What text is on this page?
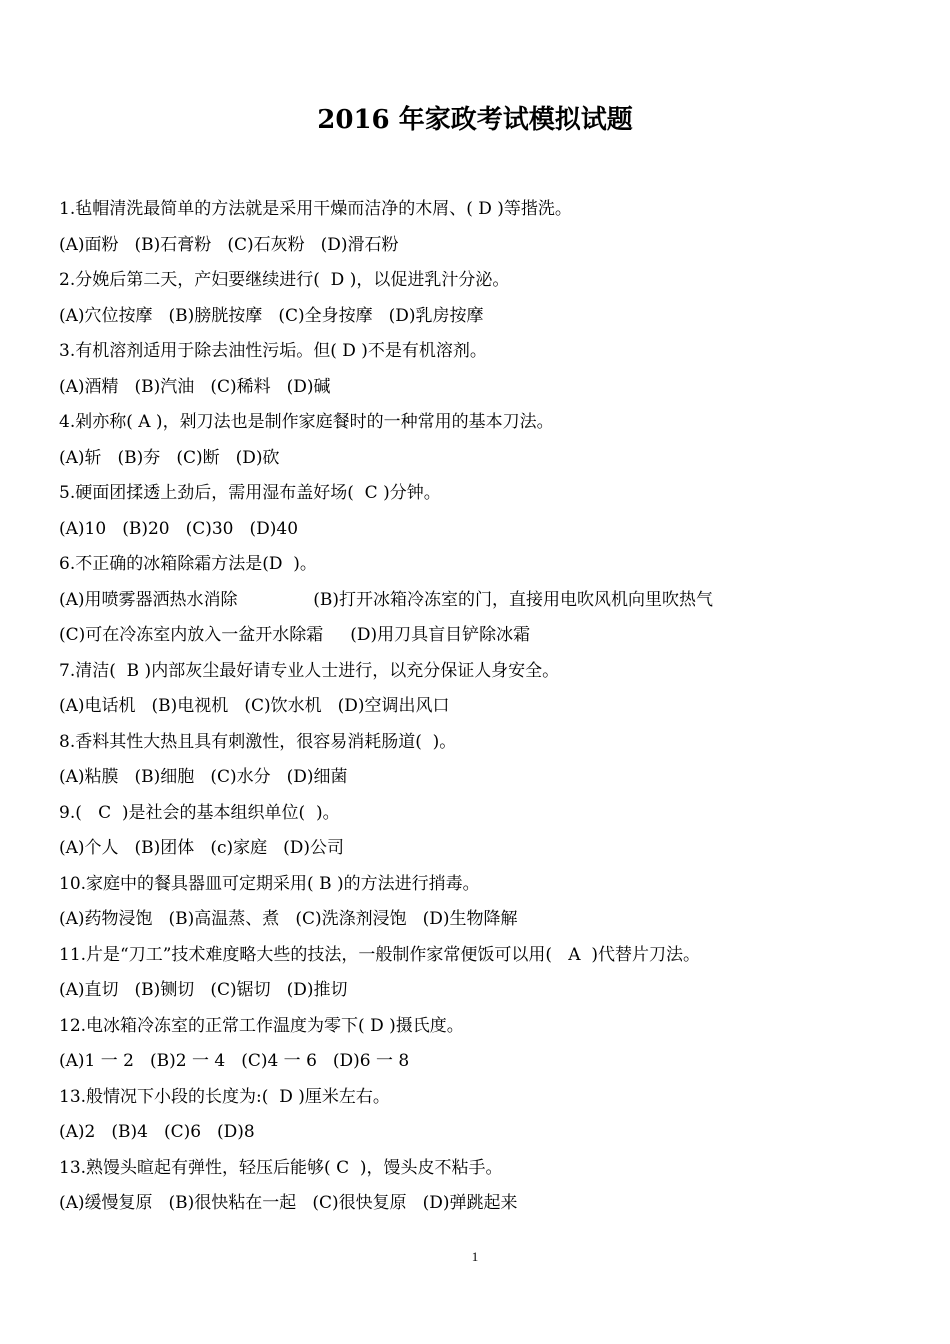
2016 年家政考试模拟试题
1.毡帽清洗最简单的方法就是采用干燥而洁净的木屑、( D )等揩洗。
(A)面粉 (B)石膏粉 (C)石灰粉 (D)滑石粉
2.分娩后第二天，产妇要继续进行(  D )，以促进乳汁分泌。
(A)穴位按摩 (B)膀胱按摩 (C)全身按摩 (D)乳房按摩
3.有机溶剂适用于除去油性污垢。但( D )不是有机溶剂。
(A)酒精 (B)汽油 (C)稀料 (D)碱
4.剁亦称( A )，剁刀法也是制作家庭餐时的一种常用的基本刀法。
(A)斩 (B)夯 (C)断 (D)砍
5.硬面团揉透上劲后，需用湿布盖好场(  C )分钟。
(A)10 (B)20 (C)30 (D)40
6.不正确的冰箱除霜方法是(D  )。
(A)用喷雾器洒热水消除              (B)打开冰箱冷冻室的门，直接用电吹风机向里吹热气
(C)可在冷冻室内放入一盆开水除霜     (D)用刀具盲目铲除冰霜
7.清洁(  B )内部灰尘最好请专业人士进行，以充分保证人身安全。
(A)电话机 (B)电视机 (C)饮水机 (D)空调出风口
8.香料其性大热且具有刺激性，很容易消耗肠道(  )。
(A)粘膜 (B)细胞 (C)水分 (D)细菌
9.(   C  )是社会的基本组织单位(  )。
(A)个人 (B)团体 (c)家庭 (D)公司
10.家庭中的餐具器皿可定期采用( B )的方法进行捎毒。
(A)药物浸饱 (B)高温蒸、煮 (C)洗涤剂浸饱 (D)生物降解
11.片是“刀工”技术难度略大些的技法，一般制作家常便饭可以用(   A  )代替片刀法。
(A)直切 (B)铡切 (C)锯切 (D)推切
12.电冰箱冷冻室的正常工作温度为零下( D )摄氏度。
(A)1 一 2 (B)2 一 4 (C)4 一 6 (D)6 一 8
13.般情况下小段的长度为:(  D )厘米左右。
(A)2 (B)4 (C)6 (D)8
13.熟馒头暄起有弹性，轻压后能够( C  )，馒头皮不粘手。
(A)缓慢复原 (B)很快粘在一起 (C)很快复原 (D)弹跳起来
1
